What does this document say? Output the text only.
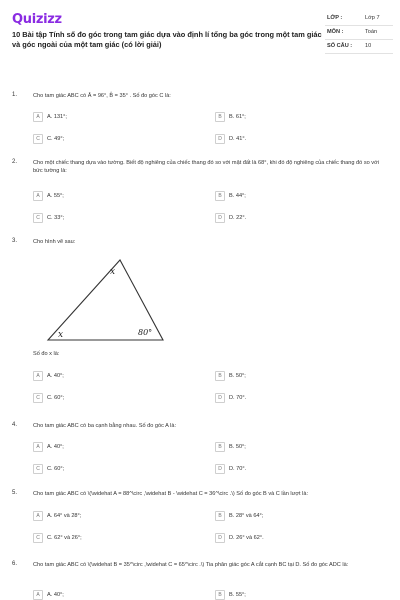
Quizizz
10 Bài tập Tính số đo góc trong tam giác dựa vào định lí tổng ba góc trong một tam giác và góc ngoài của một tam giác (có lời giải)
LỚP :	Lớp 7
MÔN :	Toán
SỐ CÂU :	10
1.	Cho tam giác ABC có Â = 96°, B̂ = 35° . Số đo góc C là:
A	A. 131°;	B	B. 61°;
C	C. 49°;	D	D. 41°.
2.	Cho một chiếc thang dựa vào tường. Biết độ nghiêng của chiếc thang đó so với mặt đất là 68°, khi đó độ nghiêng của chiếc thang đó so với bức tường là:
A	A. 55°;	B	B. 44°;
C	C. 33°;	D	D. 22°.
3.	Cho hình vẽ sau:
Số đo x là:
A	A. 40°;	B	B. 50°;
C	C. 60°;	D	D. 70°.
x
x	80°
4.	Cho tam giác ABC có ba cạnh bằng nhau. Số đo góc A là:
A	A. 40°;	B	B. 50°;
C	C. 60°;	D	D. 70°.
5.	Cho tam giác ABC có \(\widehat A = 88^\circ ,\widehat B - \widehat C = 36^\circ .\) Số đo góc B và C lần lượt là:
A	A. 64° và 28°;	B	B. 28° và 64°;
C	C. 62° và 26°;	D	D. 26° và 62°.
6.	Cho tam giác ABC có \(\widehat B = 35^\circ ,\widehat C = 65^\circ .\) Tia phân giác góc A cắt cạnh BC tại D. Số đo góc ADC là:
A	A. 40°;	B	B. 55°;
